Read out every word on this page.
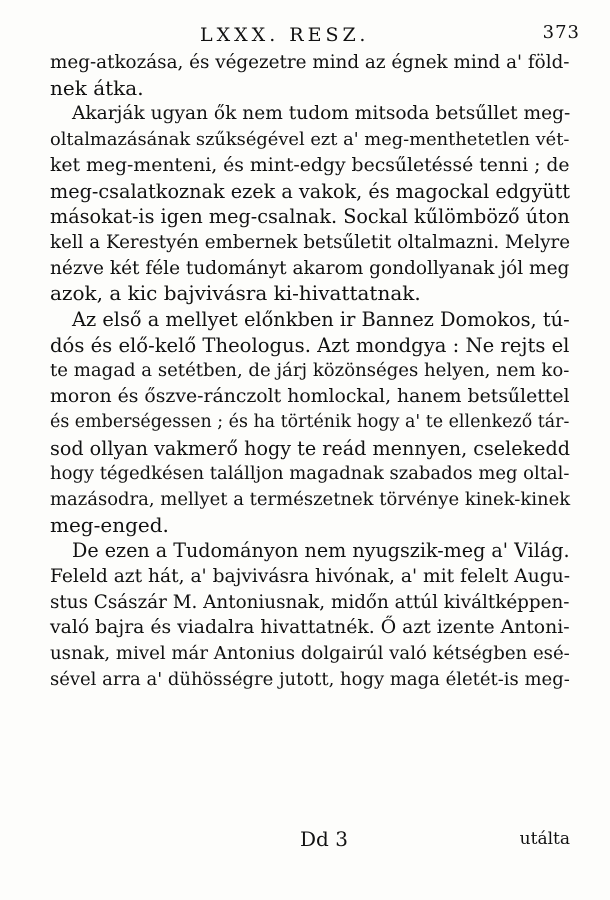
LXXX. RESZ.	373
meg-atkozása, és végezetre mind az égnek mind a' föld-
nek átka.
Akarják ugyan ők nem tudom mitsoda betsűllet meg-
oltalmazásának szűkségével ezt a' meg-menthetetlen vét-
ket meg-menteni, és mint-edgy becsűletéssé tenni ; de
meg-csalatkoznak ezek a vakok, és magockal edgyütt
másokat-is igen meg-csalnak. Sockal kűlömböző úton
kell a Kerestyén embernek betsűletit oltalmazni. Melyre
nézve két féle tudományt akarom gondollyanak jól meg
azok, a kic bajvivásra ki-hivattatnak.
Az első a mellyet előnkben ir Bannez Domokos, tú-
dós és elő-kelő Theologus. Azt mondgya : Ne rejts el
te magad a setétben, de járj közönséges helyen, nem ko-
moron és őszve-ránczolt homlockal, hanem betsűlettel
és emberségessen ; és ha történik hogy a' te ellenkező tár-
sod ollyan vakmerő hogy te reád mennyen, cselekedd
hogy tégedkésen találljon magadnak szabados meg oltal-
mazásodra, mellyet a természetnek törvénye kinek-kinek
meg-enged.
De ezen a Tudományon nem nyugszik-meg a' Világ.
Feleld azt hát, a' bajvivásra hivónak, a' mit felelt Augu-
stus Császár M. Antoniusnak, midőn attúl kiváltképpen-
való bajra és viadalra hivattatnék. Ő azt izente Antoni-
usnak, mivel már Antonius dolgairúl való kétségben esé-
sével arra a' dühösségre jutott, hogy maga életét-is meg-
Dd 3	utálta
